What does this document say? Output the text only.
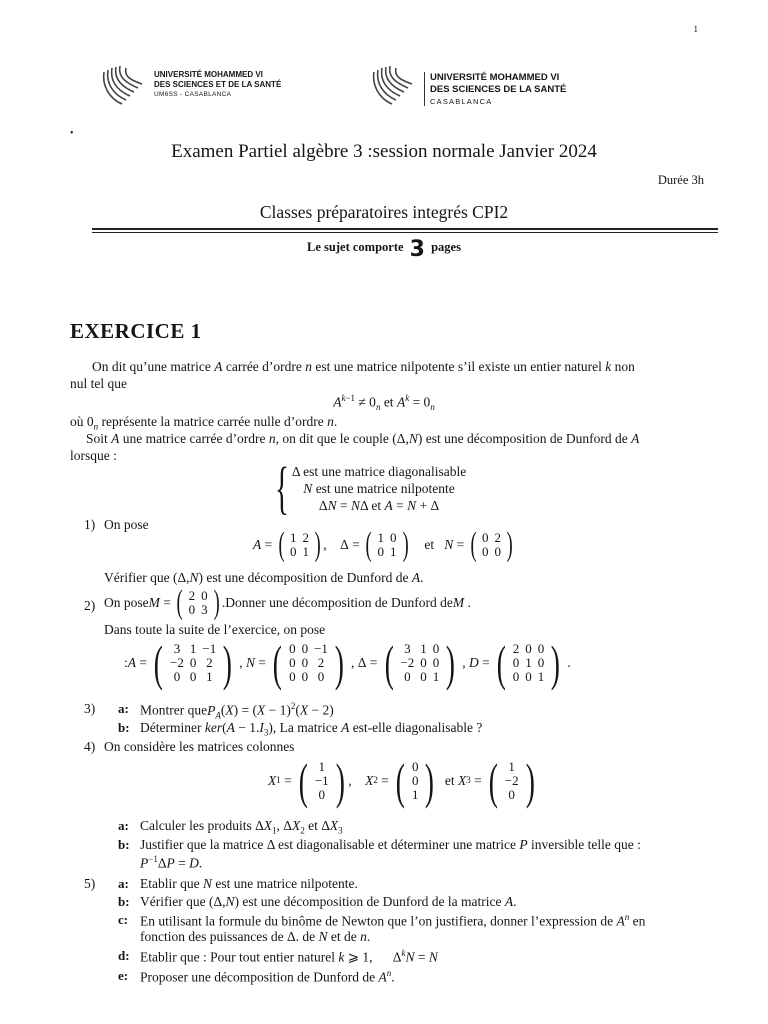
1
UNIVERSITÉ MOHAMMED VI
DES SCIENCES ET DE LA SANTÉ
UM6SS - CASABLANCA
UNIVERSITÉ MOHAMMED VI
DES SCIENCES DE LA SANTÉ
CASABLANCA
•
Examen Partiel algèbre 3 :session normale Janvier 2024
Durée 3h
Classes préparatoires integrés CPI2
Le sujet comporte 3 pages
EXERCICE 1
On dit qu’une matrice A carrée d’ordre n est une matrice nilpotente s’il existe un entier naturel k non
nul tel que
$A^{k-1} \ne 0_n$ et $A^k = 0_n$
où $0_n$ représente la matrice carrée nulle d’ordre n.
Soit A une matrice carrée d’ordre n, on dit que le couple (Δ,N) est une décomposition de Dunford de A
lorsque :	{ Δ est une matrice diagonalisable
N est une matrice nilpotente
ΔN = NΔ et A = N + Δ
1) On pose
A = ( 1	2
0	1 ) ,    Δ = ( 1	0
0	1 )
et
N = ( 0	2
0	0 )
Vérifier que (Δ,N) est une décomposition de Dunford de A.
2) On pose M = ( 2	0
0	3 ) .Donner une décomposition de Dunford de M .
Dans toute la suite de l’exercice, on pose
: A = ( 3	1	−1
−2	0	2
0	0	1 ) , N = ( 0	0	−1
0	0	2
0	0	0 ) , Δ = ( 3	1	0
−2	0	0
0	0	1 ) , D = ( 2	0	0
0	1	0
0	0	1 ) .
3) a: Montrer queP$_A$(X) = $(X - 1)^2(X - 2)$
b: Déterminer $ker(A - 1.I_3)$, La matrice A est-elle diagonalisable ?
4) On considère les matrices colonnes
X 1 = ( 1
−1
0 ) , X 2 = ( 0
0
1 )
et
X 3 = ( 1
−2
0 )
a: Calculer les produits $\Delta X_1$, $\Delta X_2$ et $\Delta X_3$
b: Justifier que la matrice Δ est diagonalisable et déterminer une matrice P inversible telle que :
$P^{-1}\Delta P = D$.
5) a: Etablir que N est une matrice nilpotente.
b: Vérifier que (Δ,N) est une décomposition de Dunford de la matrice A.
c: En utilisant la formule du binôme de Newton que l’on justifiera, donner l’expression de $A^n$ en
fonction des puissances de Δ. de N et de n.
d: Etablir que : Pour tout entier naturel k ⩾ 1,      $\Delta^kN = N$
e: Proposer une décomposition de Dunford de $A^n$.
